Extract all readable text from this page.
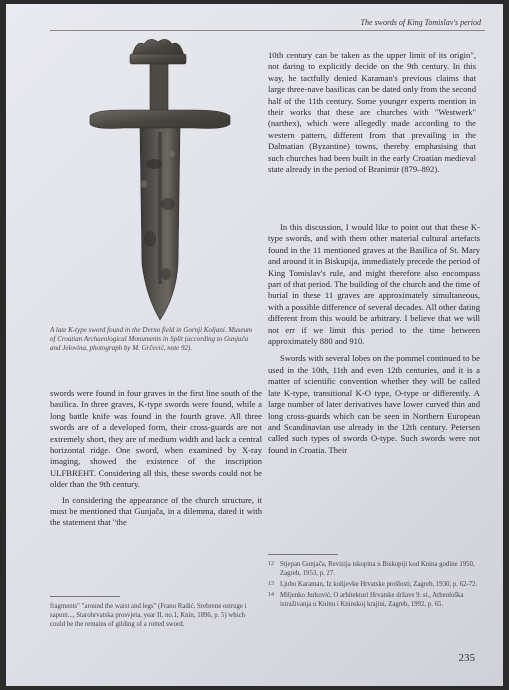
The swords of King Tomislav's period
A late K-type sword found in the Dvrno field in Gornji Koljani. Museum of Croatian Archaeological Monuments in Split (according to Gunjača and Jelovina, photograph by M. Grčević, note 92).

10th century can be taken as the upper limit of its origin", not daring to explicitly decide on the 9th century. In this way, he tactfully denied Karaman's previous claims that large three-nave basilicas can be dated only from the second half of the 11th century. Some younger experts mention in their works that these are churches with "Westwerk" (narthex), which were allegedly made according to the western pattern, different from that prevailing in the Dalmatian (Byzantine) towns, thereby emphasising that such churches had been built in the early Croatian medieval state already in the period of Branimir (879–892).

In this discussion, I would like to point out that these K-type swords, and with them other material cultural artefacts found in the 11 mentioned graves at the Basilica of St. Mary and around it in Biskupija, immediately precede the period of King Tomislav's rule, and might therefore also encompass part of that period. The building of the church and the time of burial in these 11 graves are approximately simultaneous, with a possible difference of several decades. All other dating different from this would be arbitrary. I believe that we will not err if we limit this period to the time between approximately 880 and 910.

Swords with several lobes on the pommel continued to be used in the 10th, 11th and even 12th centuries, and it is a matter of scientific convention whether they will be called late K-type, transitional K-O type, O-type or differently. A large number of later derivatives have lower curved thin and long cross-guards which can be seen in Northern European and Scandinavian use already in the 12th century. Petersen called such types of swords O-type. Such swords were not found in Croatia. Their

swords were found in four graves in the first line south of the basilica. In three graves, K-type swords were found, while a long battle knife was found in the fourth grave. All three swords are of a developed form, their cross-guards are not extremely short, they are of medium width and lack a central horizontal ridge. One sword, when examined by X-ray imaging, showed the existence of the inscription ULFBREHT. Considering all this, these swords could not be older than the 9th century.

In considering the appearance of the church structure, it must be mentioned that Gunjača, in a dilemma, dated it with the statement that "the

fragments" "around the waist and legs" (Frano Radić, Srebrene ostruge i sapuni..., Starohrvatska prosvjeta, year II, no.1, Knin, 1896, p. 5) which could be the remains of gilding of a rotted sword.
12 Stjepan Gunjača, Revizija iskopina u Biskupiji kod Knina godine 1950, Zagreb, 1953, p. 27.
13 Ljubo Karaman, Iz kolijevke Hrvatske prošlosti, Zagreb, 1930, p. 62-72.
14 Miljenko Jurković, O arhitekturi Hrvatske države 9. st., Arheološka istraživanja u Kninu i Kninskoj krajini, Zagreb, 1992, p. 65.
235
